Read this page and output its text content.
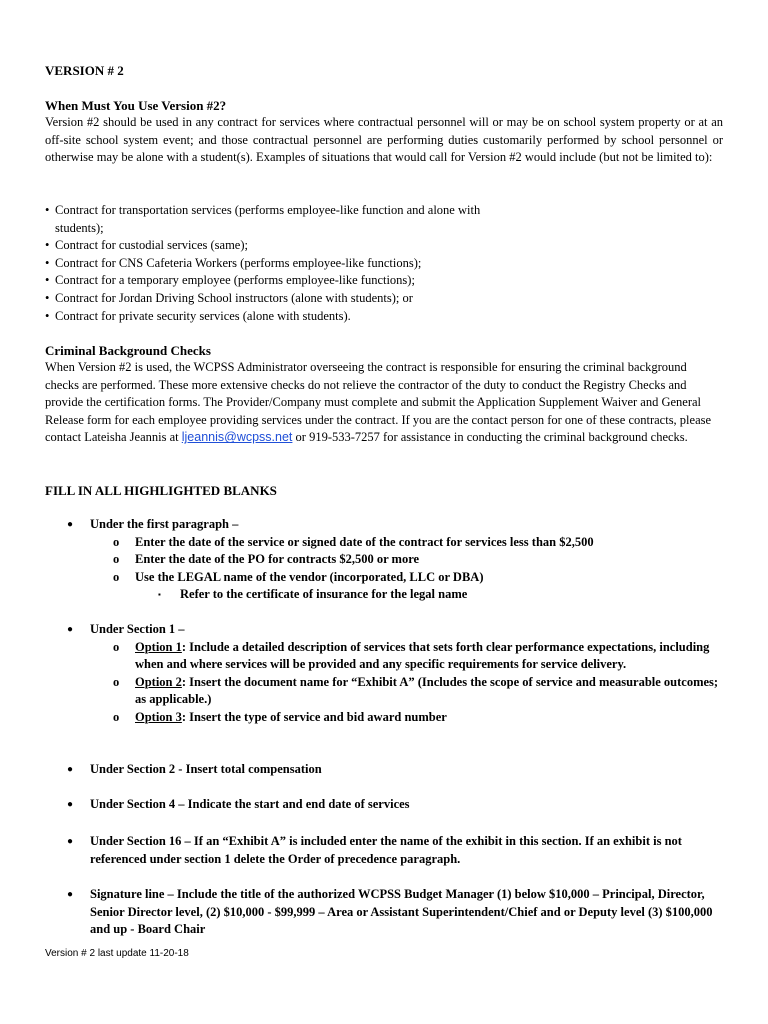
VERSION # 2

When Must You Use Version #2?

Version #2 should be used in any contract for services where contractual personnel will or may be on school system property or at an off-site school system event; and those contractual personnel are performing duties customarily performed by school personnel or otherwise may be alone with a student(s). Examples of situations that would call for Version #2 would include (but not be limited to):

• Contract for transportation services (performs employee-like function and alone with
students);
• Contract for custodial services (same);
• Contract for CNS Cafeteria Workers (performs employee-like functions);
• Contract for a temporary employee (performs employee-like functions);
• Contract for Jordan Driving School instructors (alone with students); or
• Contract for private security services (alone with students).

Criminal Background Checks

When Version #2 is used, the WCPSS Administrator overseeing the contract is responsible for ensuring the criminal background checks are performed. These more extensive checks do not relieve the contractor of the duty to conduct the Registry Checks and provide the certification forms. The Provider/Company must complete and submit the Application Supplement Waiver and General Release form for each employee providing services under the contract. If you are the contact person for one of these contracts, please contact Lateisha Jeannis at ljeannis@wcpss.net or 919-533-7257 for assistance in conducting the criminal background checks.

FILL IN ALL HIGHLIGHTED BLANKS

● Under the first paragraph –
o Enter the date of the service or signed date of the contract for services less than $2,500
o Enter the date of the PO for contracts $2,500 or more
o Use the LEGAL name of the vendor (incorporated, LLC or DBA)
▪ Refer to the certificate of insurance for the legal name
● Under Section 1 –
o Option 1: Include a detailed description of services that sets forth clear performance expectations, including when and where services will be provided and any specific requirements for service delivery.
o Option 2: Insert the document name for “Exhibit A” (Includes the scope of service and measurable outcomes; as applicable.)
o Option 3: Insert the type of service and bid award number
● Under Section 2 - Insert total compensation
● Under Section 4 – Indicate the start and end date of services
● Under Section 16 – If an “Exhibit A” is included enter the name of the exhibit in this section. If an exhibit is not referenced under section 1 delete the Order of precedence paragraph.
● Signature line – Include the title of the authorized WCPSS Budget Manager (1) below $10,000 – Principal, Director, Senior Director level, (2) $10,000 - $99,999 – Area or Assistant Superintendent/Chief and or Deputy level (3) $100,000 and up - Board Chair
Version # 2 last update 11-20-18
